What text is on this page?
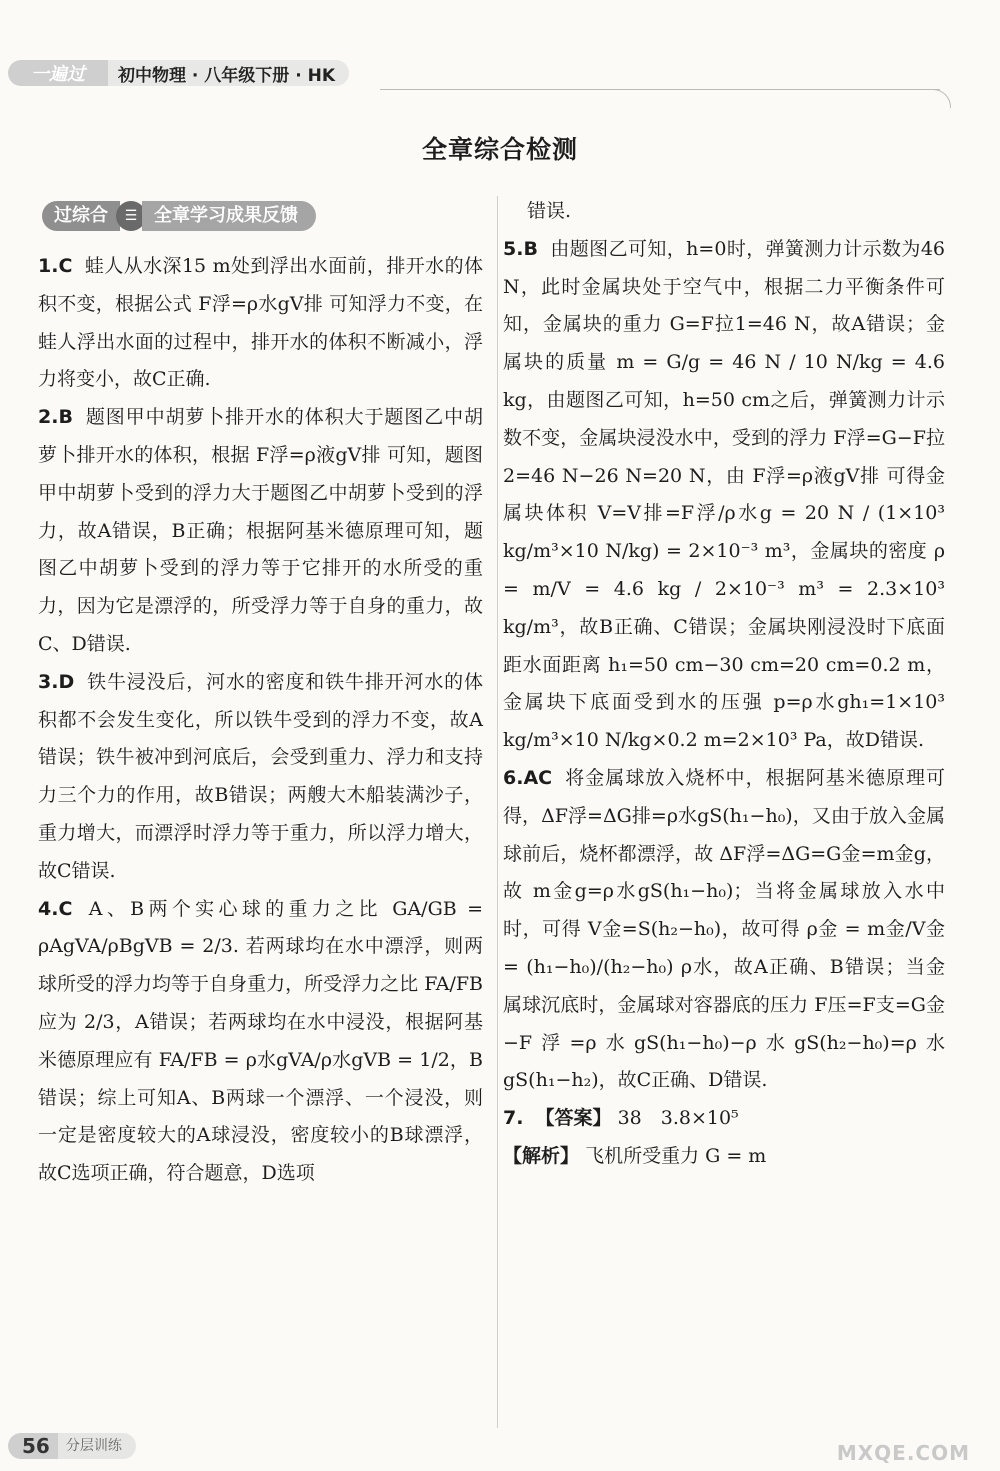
一遍过	初中物理 · 八年级下册 · HK
全章综合检测
过综合	☰ 全章学习成果反馈

1.C 蛙人从水深15 m处到浮出水面前，排开水的体积不变，根据公式 F浮=ρ水gV排 可知浮力不变，在蛙人浮出水面的过程中，排开水的体积不断减小，浮力将变小，故C正确.

2.B 题图甲中胡萝卜排开水的体积大于题图乙中胡萝卜排开水的体积，根据 F浮=ρ液gV排 可知，题图甲中胡萝卜受到的浮力大于题图乙中胡萝卜受到的浮力，故A错误，B正确；根据阿基米德原理可知，题图乙中胡萝卜受到的浮力等于它排开的水所受的重力，因为它是漂浮的，所受浮力等于自身的重力，故C、D错误.

3.D 铁牛浸没后，河水的密度和铁牛排开河水的体积都不会发生变化，所以铁牛受到的浮力不变，故A错误；铁牛被冲到河底后，会受到重力、浮力和支持力三个力的作用，故B错误；两艘大木船装满沙子，重力增大，而漂浮时浮力等于重力，所以浮力增大，故C错误.

4.C A、B两个实心球的重力之比 GA/GB = ρAgVA/ρBgVB = 2/3. 若两球均在水中漂浮，则两球所受的浮力均等于自身重力，所受浮力之比 FA/FB 应为 2/3，A错误；若两球均在水中浸没，根据阿基米德原理应有 FA/FB = ρ水gVA/ρ水gVB = 1/2，B错误；综上可知A、B两球一个漂浮、一个浸没，则一定是密度较大的A球浸没，密度较小的B球漂浮，故C选项正确，符合题意，D选项

错误.

5.B 由题图乙可知，h=0时，弹簧测力计示数为46 N，此时金属块处于空气中，根据二力平衡条件可知，金属块的重力 G=F拉1=46 N，故A错误；金属块的质量 m = G/g = 46 N / 10 N/kg = 4.6 kg，由题图乙可知，h=50 cm之后，弹簧测力计示数不变，金属块浸没水中，受到的浮力 F浮=G−F拉2=46 N−26 N=20 N，由 F浮=ρ液gV排 可得金属块体积 V=V排=F浮/ρ水g = 20 N / (1×10³ kg/m³×10 N/kg) = 2×10⁻³ m³，金属块的密度 ρ = m/V = 4.6 kg / 2×10⁻³ m³ = 2.3×10³ kg/m³，故B正确、C错误；金属块刚浸没时下底面距水面距离 h₁=50 cm−30 cm=20 cm=0.2 m，金属块下底面受到水的压强 p=ρ水gh₁=1×10³ kg/m³×10 N/kg×0.2 m=2×10³ Pa，故D错误.

6.AC 将金属球放入烧杯中，根据阿基米德原理可得，ΔF浮=ΔG排=ρ水gS(h₁−h₀)，又由于放入金属球前后，烧杯都漂浮，故 ΔF浮=ΔG=G金=m金g，故 m金g=ρ水gS(h₁−h₀)；当将金属球放入水中时，可得 V金=S(h₂−h₀)，故可得 ρ金 = m金/V金 = (h₁−h₀)/(h₂−h₀) ρ水，故A正确、B错误；当金属球沉底时，金属球对容器底的压力 F压=F支=G金−F浮=ρ水gS(h₁−h₀)−ρ水gS(h₂−h₀)=ρ水gS(h₁−h₂)，故C正确、D错误.

7. 【答案】 38　3.8×10⁵
【解析】 飞机所受重力 G = m

56	分层训练	MXQE.COM
